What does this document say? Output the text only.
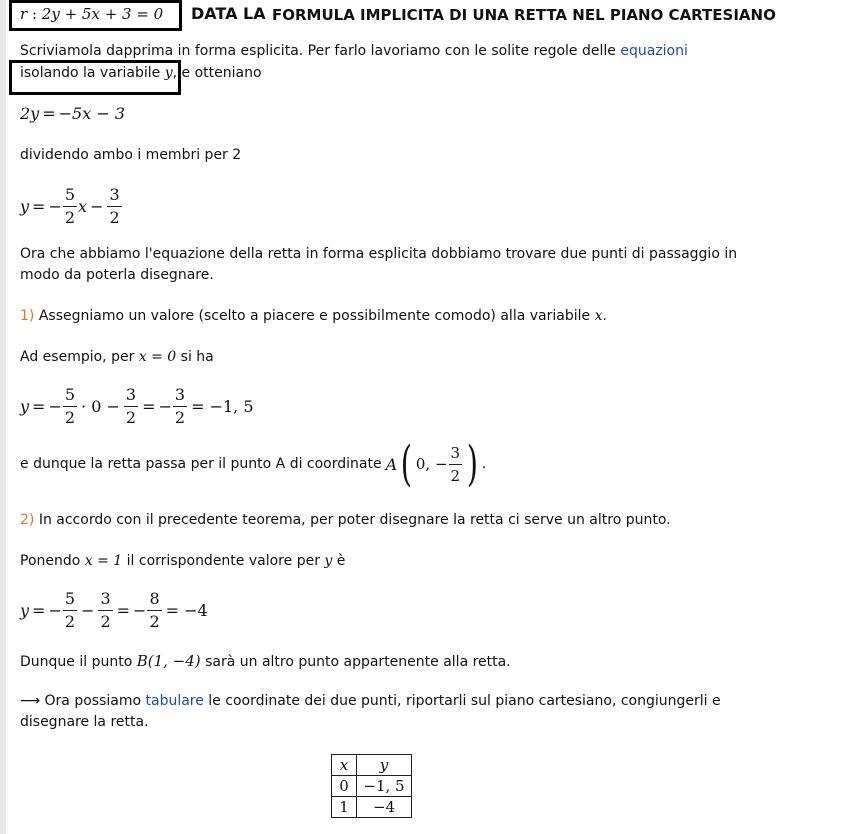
r : 2y + 5x + 3 = 0 DATA LA FORMULA IMPLICITA DI UNA RETTA NEL PIANO CARTESIANO
Scriviamola dapprima in forma esplicita. Per farlo lavoriamo con le solite regole delle equazioni
isolando la variabile y, e otteniano
2y = −5x − 3
dividendo ambo i membri per 2
y = − $\frac{5}{2}$ $x - \frac{3}{2}$
Ora che abbiamo l'equazione della retta in forma esplicita dobbiamo trovare due punti di passaggio in
modo da poterla disegnare.
1) Assegniamo un valore (scelto a piacere e possibilmente comodo) alla variabile x.
Ad esempio, per x = 0 si ha
y = − $\frac{5}{2} \cdot 0 - \frac{3}{2}$ = − $\frac{3}{2} = -1$, 5
e dunque la retta passa per il punto A di coordinate A ( 0, − $\frac{3}{2}$ ) .
2) In accordo con il precedente teorema, per poter disegnare la retta ci serve un altro punto.
Ponendo x = 1 il corrispondente valore per y è
y = − $\frac{5}{2} - \frac{3}{2}$ = − $\frac{8}{2} = -4$
Dunque il punto B(1, −4) sarà un altro punto appartenente alla retta.
⟶ Ora possiamo tabulare le coordinate dei due punti, riportarli sul piano cartesiano, congiungerli e
disegnare la retta.
x	y
0	−1, 5
1	−4
